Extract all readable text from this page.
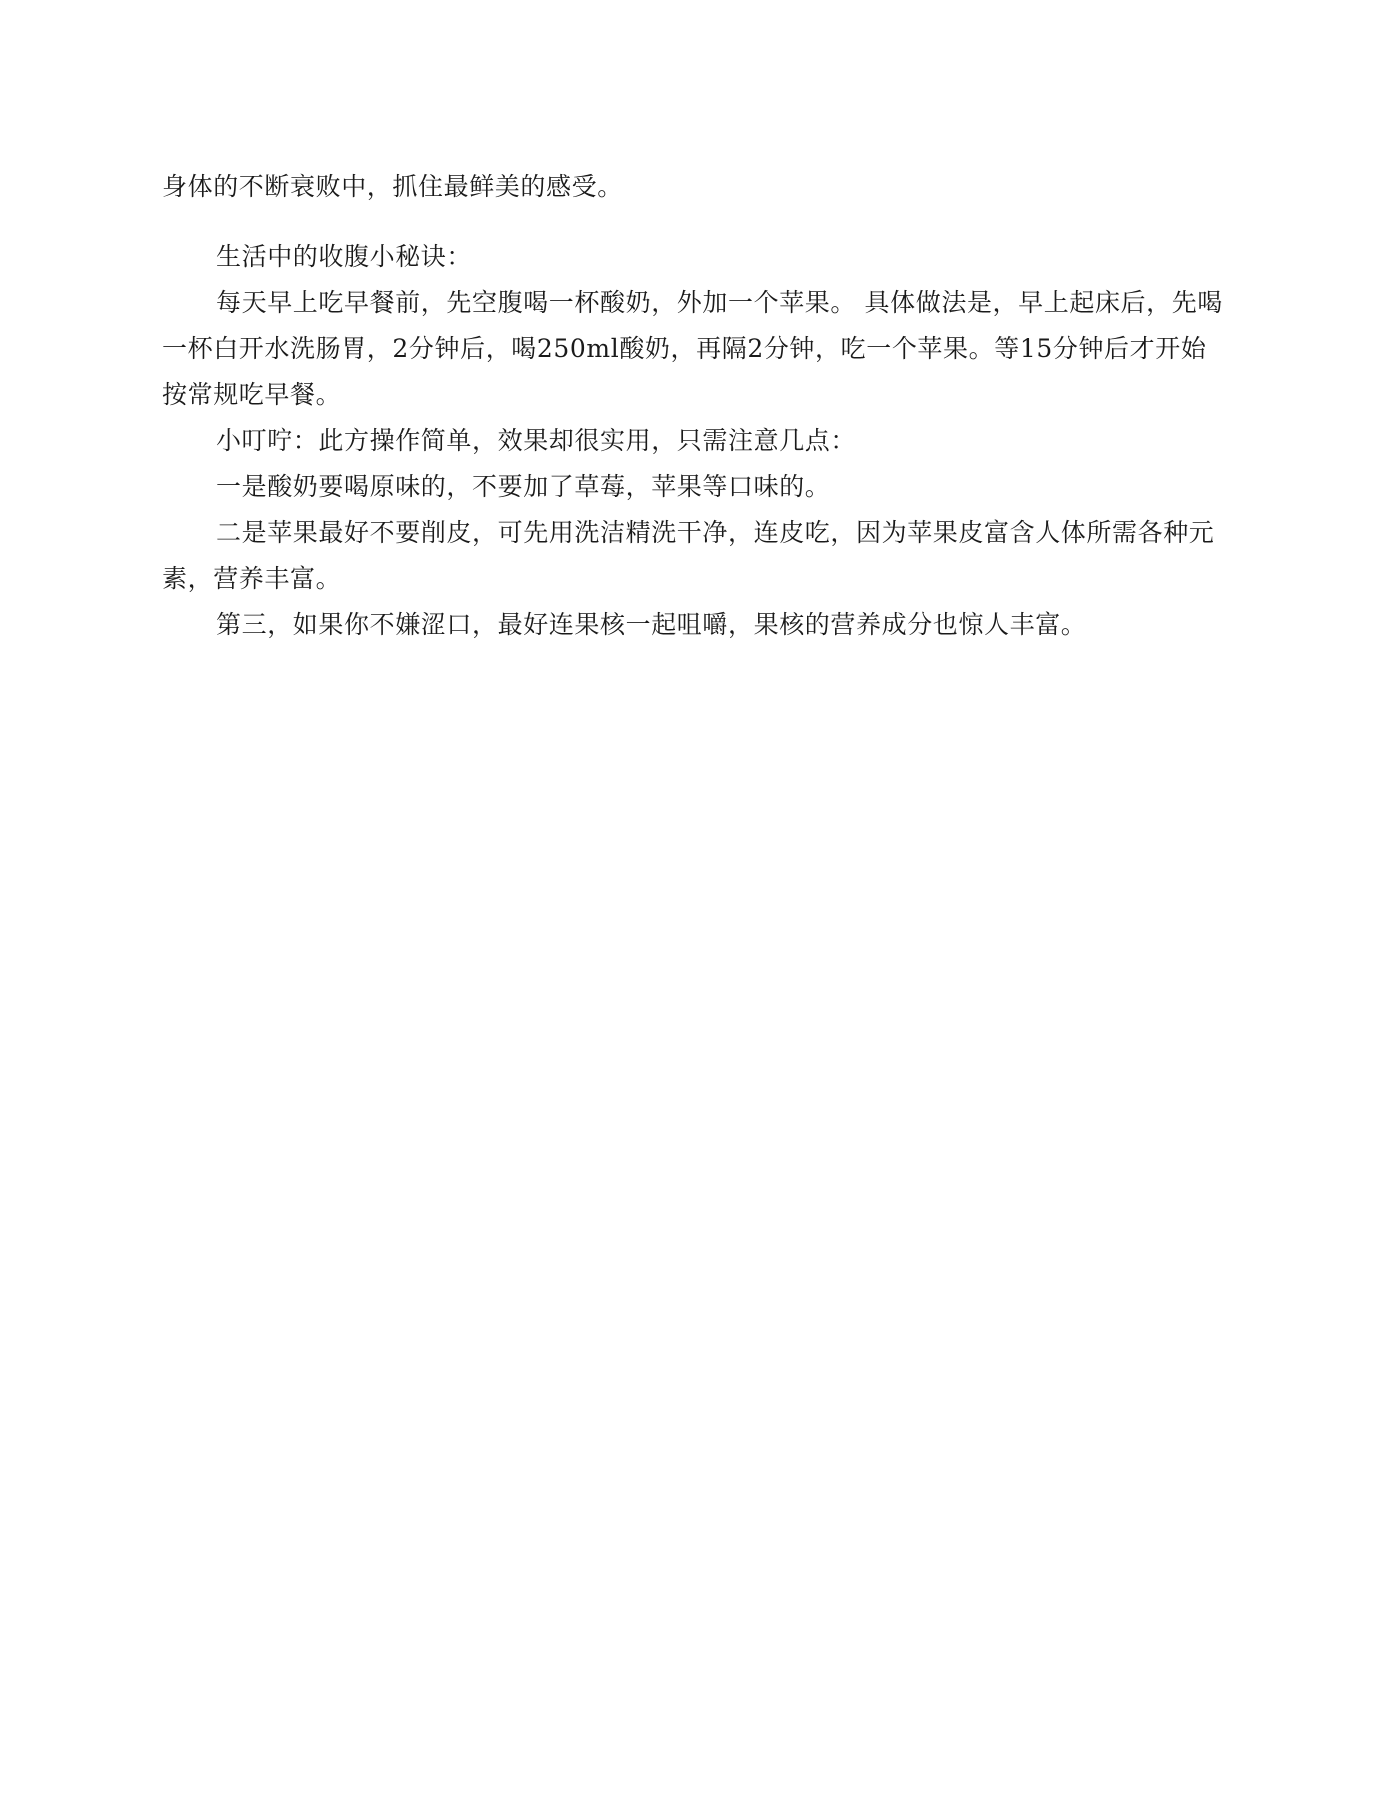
身体的不断衰败中，抓住最鲜美的感受。

生活中的收腹小秘诀：

每天早上吃早餐前，先空腹喝一杯酸奶，外加一个苹果。 具体做法是，早上起床后，先喝一杯白开水洗肠胃，2分钟后，喝250ml酸奶，再隔2分钟，吃一个苹果。等15分钟后才开始按常规吃早餐。

小叮咛：此方操作简单，效果却很实用，只需注意几点：

一是酸奶要喝原味的，不要加了草莓，苹果等口味的。

二是苹果最好不要削皮，可先用洗洁精洗干净，连皮吃，因为苹果皮富含人体所需各种元素，营养丰富。

第三，如果你不嫌涩口，最好连果核一起咀嚼，果核的营养成分也惊人丰富。
